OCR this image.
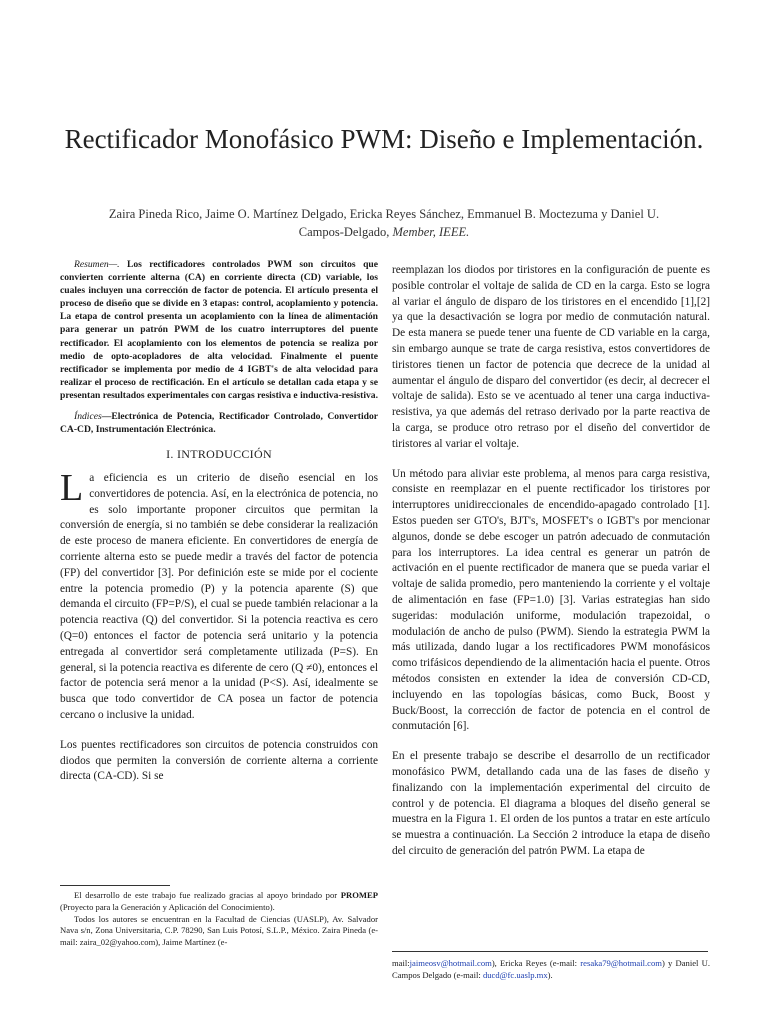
Rectificador Monofásico PWM: Diseño e Implementación.
Zaira Pineda Rico, Jaime O. Martínez Delgado, Ericka Reyes Sánchez, Emmanuel B. Moctezuma y Daniel U. Campos-Delgado, Member, IEEE.
Resumen—. Los rectificadores controlados PWM son circuitos que convierten corriente alterna (CA) en corriente directa (CD) variable, los cuales incluyen una corrección de factor de potencia. El artículo presenta el proceso de diseño que se divide en 3 etapas: control, acoplamiento y potencia. La etapa de control presenta un acoplamiento con la línea de alimentación para generar un patrón PWM de los cuatro interruptores del puente rectificador. El acoplamiento con los elementos de potencia se realiza por medio de opto-acopladores de alta velocidad. Finalmente el puente rectificador se implementa por medio de 4 IGBT's de alta velocidad para realizar el proceso de rectificación. En el artículo se detallan cada etapa y se presentan resultados experimentales con cargas resistiva e inductiva-resistiva.
Índices—Electrónica de Potencia, Rectificador Controlado, Convertidor CA-CD, Instrumentación Electrónica.
I. INTRODUCCIÓN

La eficiencia es un criterio de diseño esencial en los convertidores de potencia. Así, en la electrónica de potencia, no es solo importante proponer circuitos que permitan la conversión de energía, si no también se debe considerar la realización de este proceso de manera eficiente. En convertidores de energía de corriente alterna esto se puede medir a través del factor de potencia (FP) del convertidor [3]. Por definición este se mide por el cociente entre la potencia promedio (P) y la potencia aparente (S) que demanda el circuito (FP=P/S), el cual se puede también relacionar a la potencia reactiva (Q) del convertidor. Si la potencia reactiva es cero (Q=0) entonces el factor de potencia será unitario y la potencia entregada al convertidor será completamente utilizada (P=S). En general, si la potencia reactiva es diferente de cero (Q ≠0), entonces el factor de potencia será menor a la unidad (P<S). Así, idealmente se busca que todo convertidor de CA posea un factor de potencia cercano o inclusive la unidad.

Los puentes rectificadores son circuitos de potencia construidos con diodos que permiten la conversión de corriente alterna a corriente directa (CA-CD). Si se

El desarrollo de este trabajo fue realizado gracias al apoyo brindado por PROMEP (Proyecto para la Generación y Aplicación del Conocimiento).

Todos los autores se encuentran en la Facultad de Ciencias (UASLP), Av. Salvador Nava s/n, Zona Universitaria, C.P. 78290, San Luis Potosí, S.L.P., México. Zaira Pineda (e-mail: zaira_02@yahoo.com), Jaime Martínez (e-

reemplazan los diodos por tiristores en la configuración de puente es posible controlar el voltaje de salida de CD en la carga. Esto se logra al variar el ángulo de disparo de los tiristores en el encendido [1],[2] ya que la desactivación se logra por medio de conmutación natural. De esta manera se puede tener una fuente de CD variable en la carga, sin embargo aunque se trate de carga resistiva, estos convertidores de tiristores tienen un factor de potencia que decrece de la unidad al aumentar el ángulo de disparo del convertidor (es decir, al decrecer el voltaje de salida). Esto se ve acentuado al tener una carga inductiva-resistiva, ya que además del retraso derivado por la parte reactiva de la carga, se produce otro retraso por el diseño del convertidor de tiristores al variar el voltaje.

Un método para aliviar este problema, al menos para carga resistiva, consiste en reemplazar en el puente rectificador los tiristores por interruptores unidireccionales de encendido-apagado controlado [1]. Estos pueden ser GTO's, BJT's, MOSFET's o IGBT's por mencionar algunos, donde se debe escoger un patrón adecuado de conmutación para los interruptores. La idea central es generar un patrón de activación en el puente rectificador de manera que se pueda variar el voltaje de salida promedio, pero manteniendo la corriente y el voltaje de alimentación en fase (FP=1.0) [3]. Varias estrategias han sido sugeridas: modulación uniforme, modulación trapezoidal, o modulación de ancho de pulso (PWM). Siendo la estrategia PWM la más utilizada, dando lugar a los rectificadores PWM monofásicos como trifásicos dependiendo de la alimentación hacia el puente. Otros métodos consisten en extender la idea de conversión CD-CD, incluyendo en las topologías básicas, como Buck, Boost y Buck/Boost, la corrección de factor de potencia en el control de conmutación [6].

En el presente trabajo se describe el desarrollo de un rectificador monofásico PWM, detallando cada una de las fases de diseño y finalizando con la implementación experimental del circuito de control y de potencia. El diagrama a bloques del diseño general se muestra en la Figura 1. El orden de los puntos a tratar en este artículo se muestra a continuación. La Sección 2 introduce la etapa de diseño del circuito de generación del patrón PWM. La etapa de

mail:jaimeosv@hotmail.com), Ericka Reyes (e-mail: resaka79@hotmail.com) y Daniel U. Campos Delgado (e-mail: ducd@fc.uaslp.mx).
